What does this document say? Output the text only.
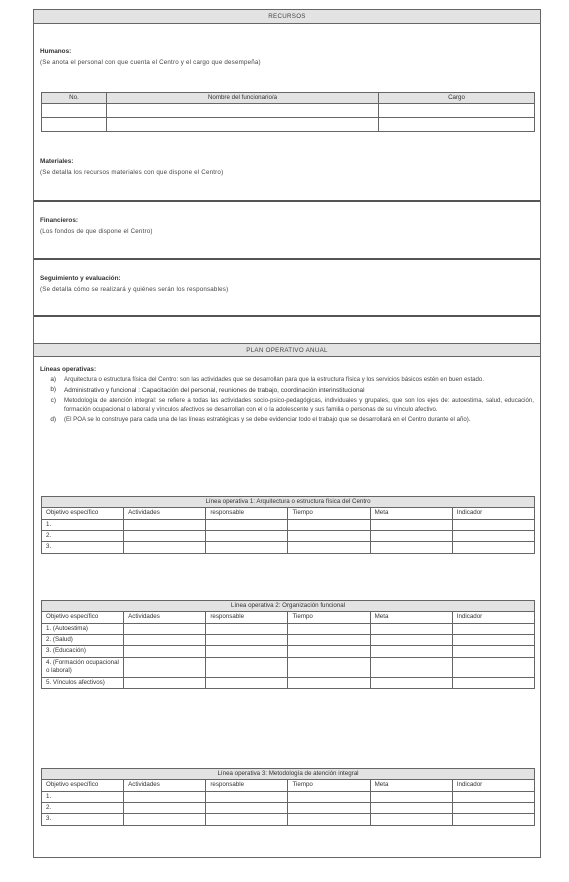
RECURSOS
Humanos:
(Se anota el personal con que cuenta el Centro y el cargo que desempeña)
No.	Nombre del funcionario/a	Cargo

Materiales:
(Se detalla los recursos materiales con que dispone el Centro)
Financieros:
(Los fondos de que dispone el Centro)
Seguimiento y evaluación:
(Se detalla cómo se realizará y quiénes serán los responsables)
PLAN OPERATIVO ANUAL
Líneas operativas:
a)	Arquitectura o estructura física del Centro: son las actividades que se desarrollan para que la estructura física y los servicios básicos estén en buen estado.
b)	Administrativo y funcional : Capacitación del personal, reuniones de trabajo, coordinación interinstitucional
c)	Metodología de atención integral: se refiere a todas las actividades socio-psico-pedagógicas, individuales y grupales, que son los ejes de: autoestima, salud, educación, formación ocupacional o laboral y vínculos afectivos se desarrollan con el o la adolescente y sus familia o personas de su vínculo afectivo.
d)	(El POA se lo construye para cada una de las líneas estratégicas y se debe evidenciar todo el trabajo que se desarrollará en el Centro durante el año).
Línea operativa 1: Arquitectura o estructura física del Centro					
Objetivo específico	Actividades	responsable	Tiempo	Meta	Indicador
1.					
2.					
3.					
Línea operativa 2: Organización funcional					
Objetivo específico	Actividades	responsable	Tiempo	Meta	Indicador
1. (Autoestima)					
2. (Salud)					
3. (Educación)					
4. (Formación ocupacional o laboral)					
5. Vínculos afectivos)					
Línea operativa 3: Metodología de atención integral					
Objetivo específico	Actividades	responsable	Tiempo	Meta	Indicador
1.					
2.					
3.					
